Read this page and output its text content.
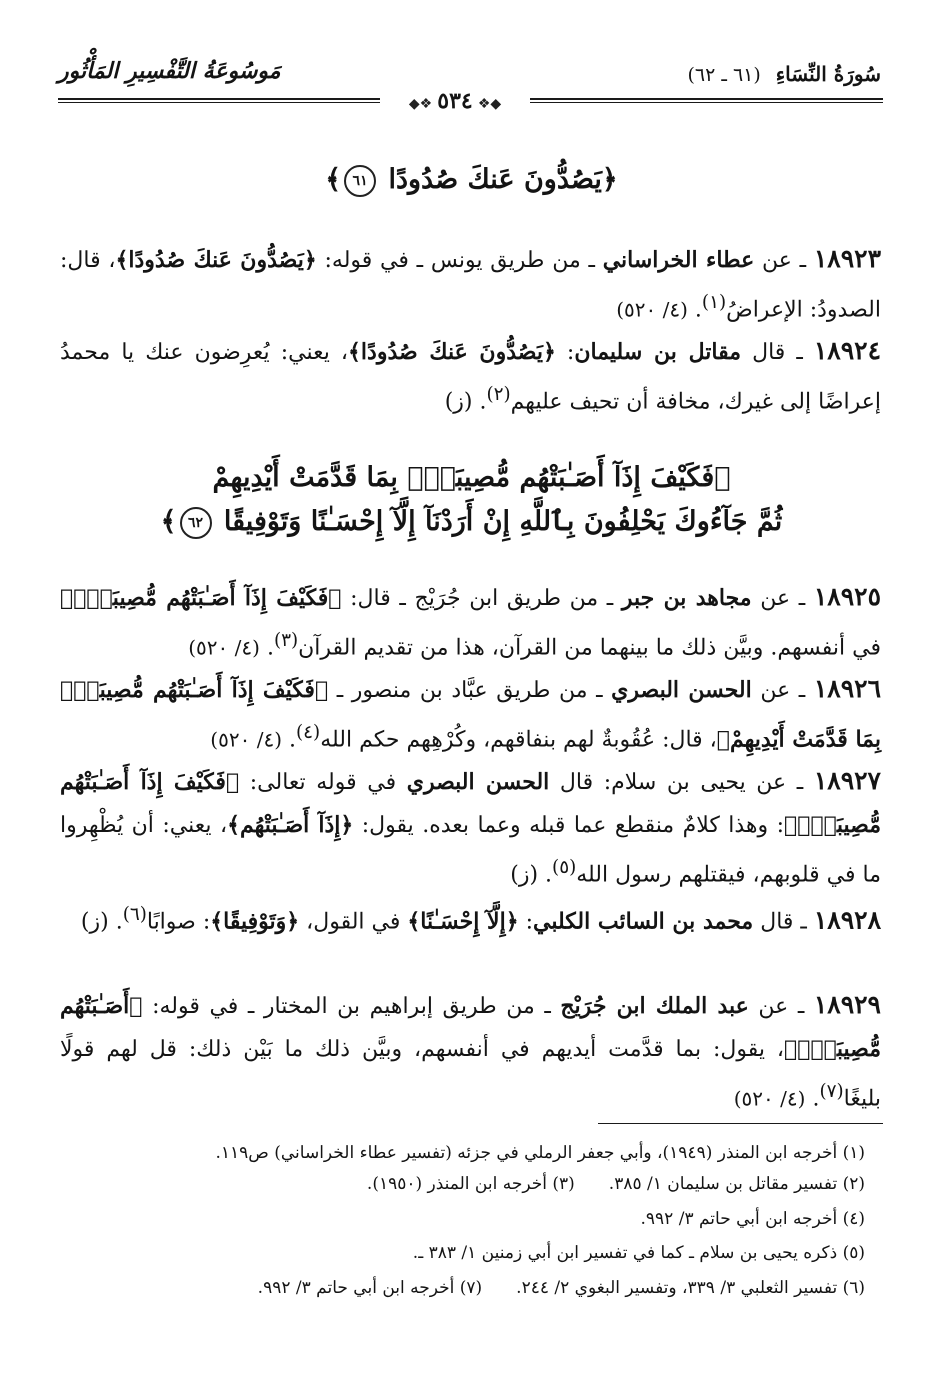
سُورَةُ النِّسَاءِ (٦١ ـ ٦٢)
مَوسُوعَةُ التَّفْسِيرِ المَأْثُور
◆❖ ٥٣٤ ❖◆
﴿يَصُدُّونَ عَنكَ صُدُودًا ٦١﴾
١٨٩٢٣ ـ عن عطاء الخراساني ـ من طريق يونس ـ في قوله: ﴿يَصُدُّونَ عَنكَ صُدُودًا﴾، قال: الصدودُ: الإعراضُ$^{(١)}$. (٤/ ٥٢٠)
١٨٩٢٤ ـ قال مقاتل بن سليمان: ﴿يَصُدُّونَ عَنكَ صُدُودًا﴾، يعني: يُعرِضون عنك يا محمدُ إعراضًا إلى غيرك، مخافة أن تحيف عليهم$^{(٢)}$. (ز)
﴿فَكَيْفَ إِذَآ أَصَـٰبَتْهُم مُّصِيبَةٌۢ بِمَا قَدَّمَتْ أَيْدِيهِمْ
ثُمَّ جَآءُوكَ يَحْلِفُونَ بِٱللَّهِ إِنْ أَرَدْنَآ إِلَّآ إِحْسَـٰنًا وَتَوْفِيقًا ٦٢﴾
١٨٩٢٥ ـ عن مجاهد بن جبر ـ من طريق ابن جُرَيْج ـ قال: ﴿فَكَيْفَ إِذَآ أَصَـٰبَتْهُم مُّصِيبَةٌۢ﴾ في أنفسهم. وبيَّن ذلك ما بينهما من القرآن، هذا من تقديم القرآن$^{(٣)}$. (٤/ ٥٢٠)
١٨٩٢٦ ـ عن الحسن البصري ـ من طريق عبَّاد بن منصور ـ ﴿فَكَيْفَ إِذَآ أَصَـٰبَتْهُم مُّصِيبَةٌۢ بِمَا قَدَّمَتْ أَيْدِيهِمْ﴾، قال: عُقُوبةٌ لهم بنفاقهم، وكُرْهِهم حكم الله$^{(٤)}$. (٤/ ٥٢٠)
١٨٩٢٧ ـ عن يحيى بن سلام: قال الحسن البصري في قوله تعالى: ﴿فَكَيْفَ إِذَآ أَصَـٰبَتْهُم مُّصِيبَةٌۢ﴾: وهذا كلامٌ منقطع عما قبله وعما بعده. يقول: ﴿إِذَآ أَصَـٰبَتْهُم﴾، يعني: أن يُظْهِروا ما في قلوبهم، فيقتلهم رسول الله$^{(٥)}$. (ز)
١٨٩٢٨ ـ قال محمد بن السائب الكلبي: ﴿إِلَّآ إِحْسَـٰنًا﴾ في القول، ﴿وَتَوْفِيقًا﴾: صوابًا$^{(٦)}$. (ز)
١٨٩٢٩ ـ عن عبد الملك ابن جُرَيْج ـ من طريق إبراهيم بن المختار ـ في قوله: ﴿أَصَـٰبَتْهُم مُّصِيبَةٌۢ﴾، يقول: بما قدَّمت أيديهم في أنفسهم، وبيَّن ذلك ما بَيْن ذلك: قل لهم قولًا بليغًا$^{(٧)}$. (٤/ ٥٢٠)
(١) أخرجه ابن المنذر (١٩٤٩)، وأبي جعفر الرملي في جزئه (تفسير عطاء الخراساني) ص١١٩.
(٢) تفسير مقاتل بن سليمان ١/ ٣٨٥.(٣) أخرجه ابن المنذر (١٩٥٠).
(٤) أخرجه ابن أبي حاتم ٣/ ٩٩٢.
(٥) ذكره يحيى بن سلام ـ كما في تفسير ابن أبي زمنين ١/ ٣٨٣ ـ.
(٦) تفسير الثعلبي ٣/ ٣٣٩، وتفسير البغوي ٢/ ٢٤٤.(٧) أخرجه ابن أبي حاتم ٣/ ٩٩٢.
